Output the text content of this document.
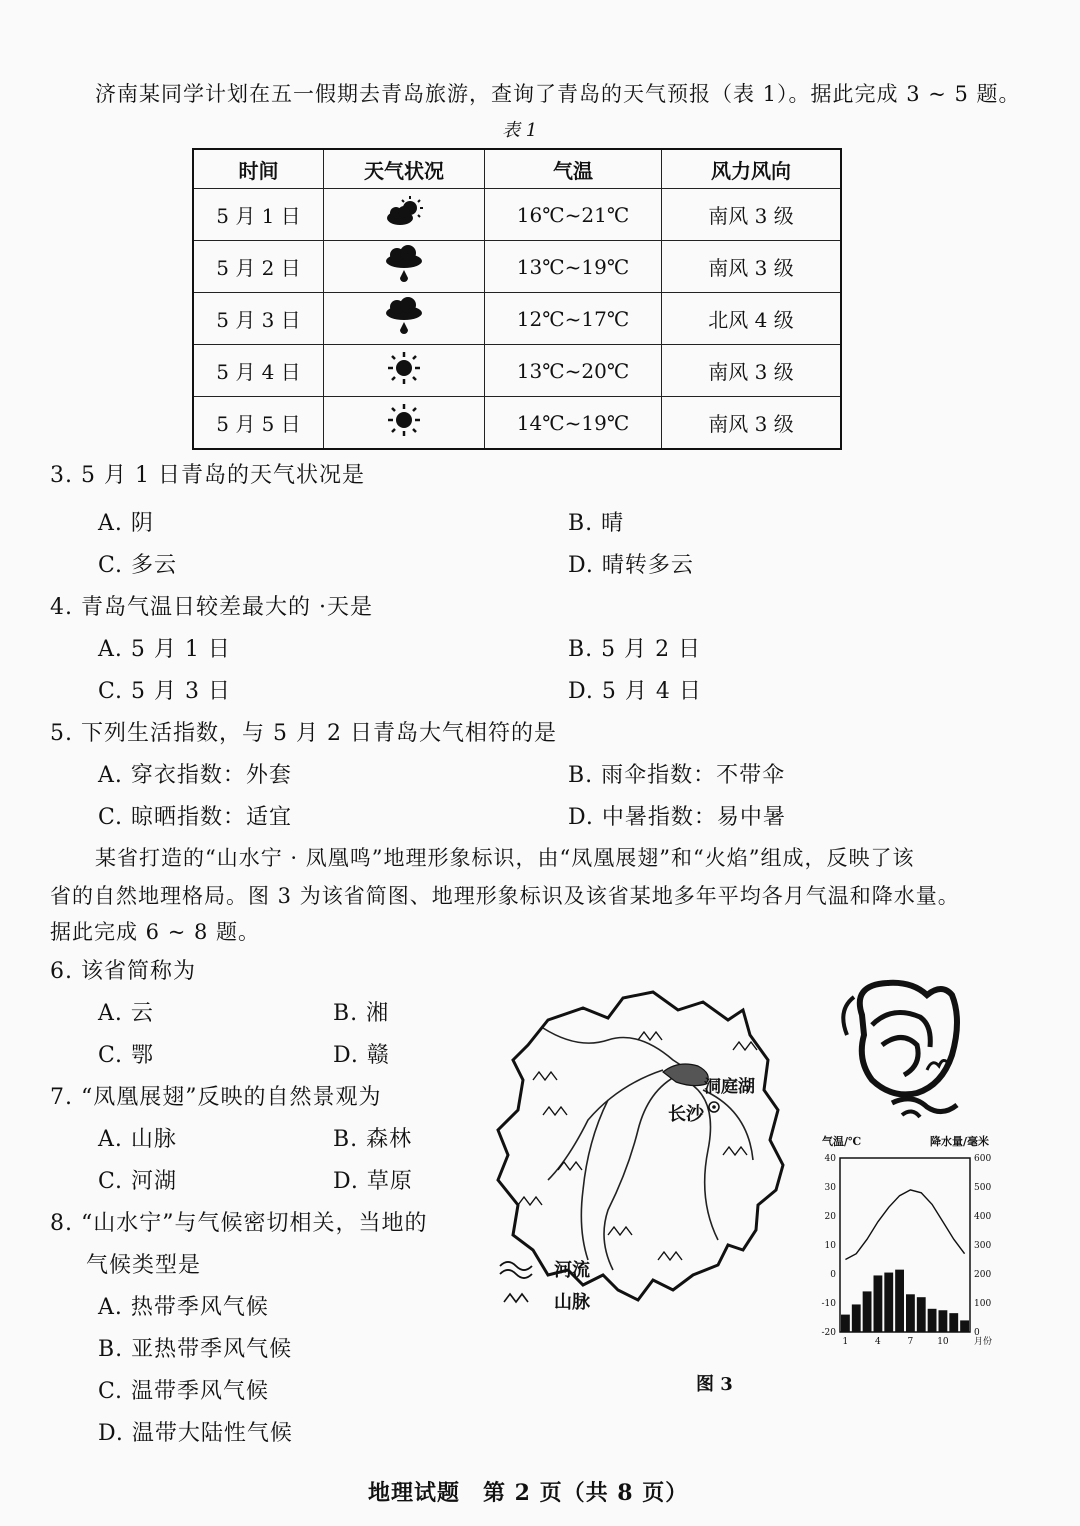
济南某同学计划在五一假期去青岛旅游，查询了青岛的天气预报（表 1）。据此完成 3 ~ 5 题。
表 1
时间	天气状况	气温	风力风向
5 月 1 日		16℃~21℃	南风 3 级
5 月 2 日		13℃~19℃	南风 3 级
5 月 3 日		12℃~17℃	北风 4 级
5 月 4 日		13℃~20℃	南风 3 级
5 月 5 日		14℃~19℃	南风 3 级
3. 5 月 1 日青岛的天气状况是
A. 阴	B. 晴
C. 多云	D. 晴转多云
4. 青岛气温日较差最大的 ·天是
A. 5 月 1 日	B. 5 月 2 日
C. 5 月 3 日	D. 5 月 4 日
5. 下列生活指数，与 5 月 2 日青岛大气相符的是
A. 穿衣指数：外套	B. 雨伞指数：不带伞
C. 晾晒指数：适宜	D. 中暑指数：易中暑
某省打造的“山水宁 · 凤凰鸣”地理形象标识，由“凤凰展翅”和“火焰”组成，反映了该
省的自然地理格局。图 3 为该省简图、地理形象标识及该省某地多年平均各月气温和降水量。
据此完成 6 ~ 8 题。
6. 该省简称为
A. 云	B. 湘
C. 鄂	D. 赣
7. “凤凰展翅”反映的自然景观为
A. 山脉	B. 森林
C. 河湖	D. 草原
8. “山水宁”与气候密切相关，当地的
气候类型是
A. 热带季风气候
B. 亚热带季风气候
C. 温带季风气候
D. 温带大陆性气候
洞庭湖
长沙
河流
山脉
40
30
20
10
0
-10
-20
600
500
400
300
200
100
0
1	4	7	10	月份
气温/℃	降水量/毫米
图 3
地理试题　第 2 页（共 8 页）
